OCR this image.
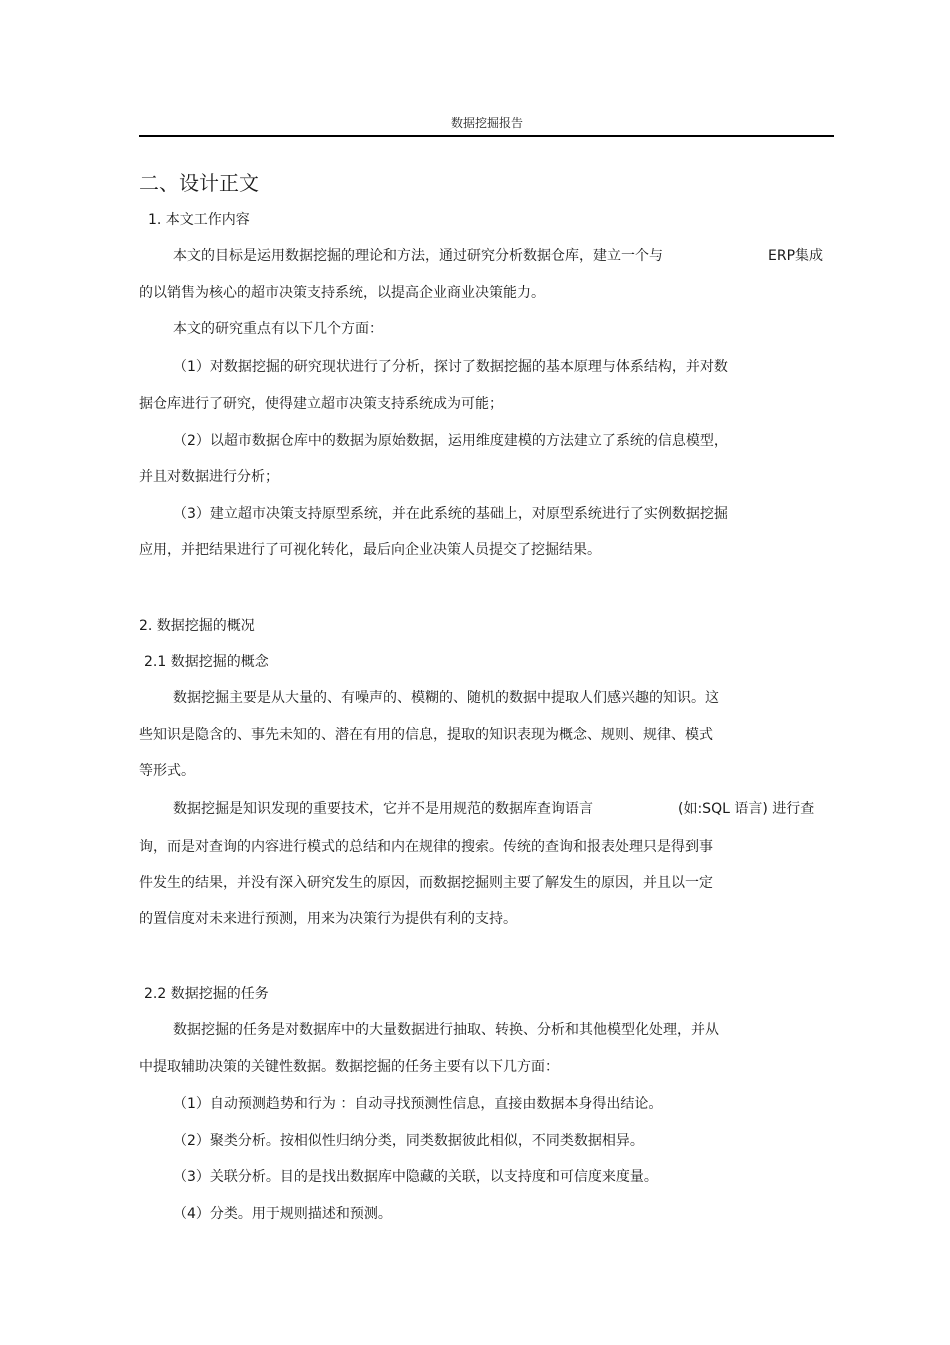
数据挖掘报告
二、设计正文
1. 本文工作内容
本文的目标是运用数据挖掘的理论和方法，通过研究分析数据仓库，建立一个与	ERP集成
的以销售为核心的超市决策支持系统，以提高企业商业决策能力。
本文的研究重点有以下几个方面：
（1）对数据挖掘的研究现状进行了分析，探讨了数据挖掘的基本原理与体系结构，并对数
据仓库进行了研究，使得建立超市决策支持系统成为可能；
（2）以超市数据仓库中的数据为原始数据，运用维度建模的方法建立了系统的信息模型，
并且对数据进行分析；
（3）建立超市决策支持原型系统，并在此系统的基础上，对原型系统进行了实例数据挖掘
应用，并把结果进行了可视化转化，最后向企业决策人员提交了挖掘结果。
2. 数据挖掘的概况
2.1 数据挖掘的概念
数据挖掘主要是从大量的、有噪声的、模糊的、随机的数据中提取人们感兴趣的知识。这
些知识是隐含的、事先未知的、潜在有用的信息，提取的知识表现为概念、规则、规律、模式
等形式。
数据挖掘是知识发现的重要技术，它并不是用规范的数据库查询语言	(如:SQL 语言) 进行查
询，而是对查询的内容进行模式的总结和内在规律的搜索。传统的查询和报表处理只是得到事
件发生的结果，并没有深入研究发生的原因，而数据挖掘则主要了解发生的原因，并且以一定
的置信度对未来进行预测，用来为决策行为提供有利的支持。
2.2 数据挖掘的任务
数据挖掘的任务是对数据库中的大量数据进行抽取、转换、分析和其他模型化处理，并从
中提取辅助决策的关键性数据。数据挖掘的任务主要有以下几方面：
（1）自动预测趋势和行为 ：自动寻找预测性信息，直接由数据本身得出结论。
（2）聚类分析。按相似性归纳分类，同类数据彼此相似，不同类数据相异。
（3）关联分析。目的是找出数据库中隐藏的关联，以支持度和可信度来度量。
（4）分类。用于规则描述和预测。
